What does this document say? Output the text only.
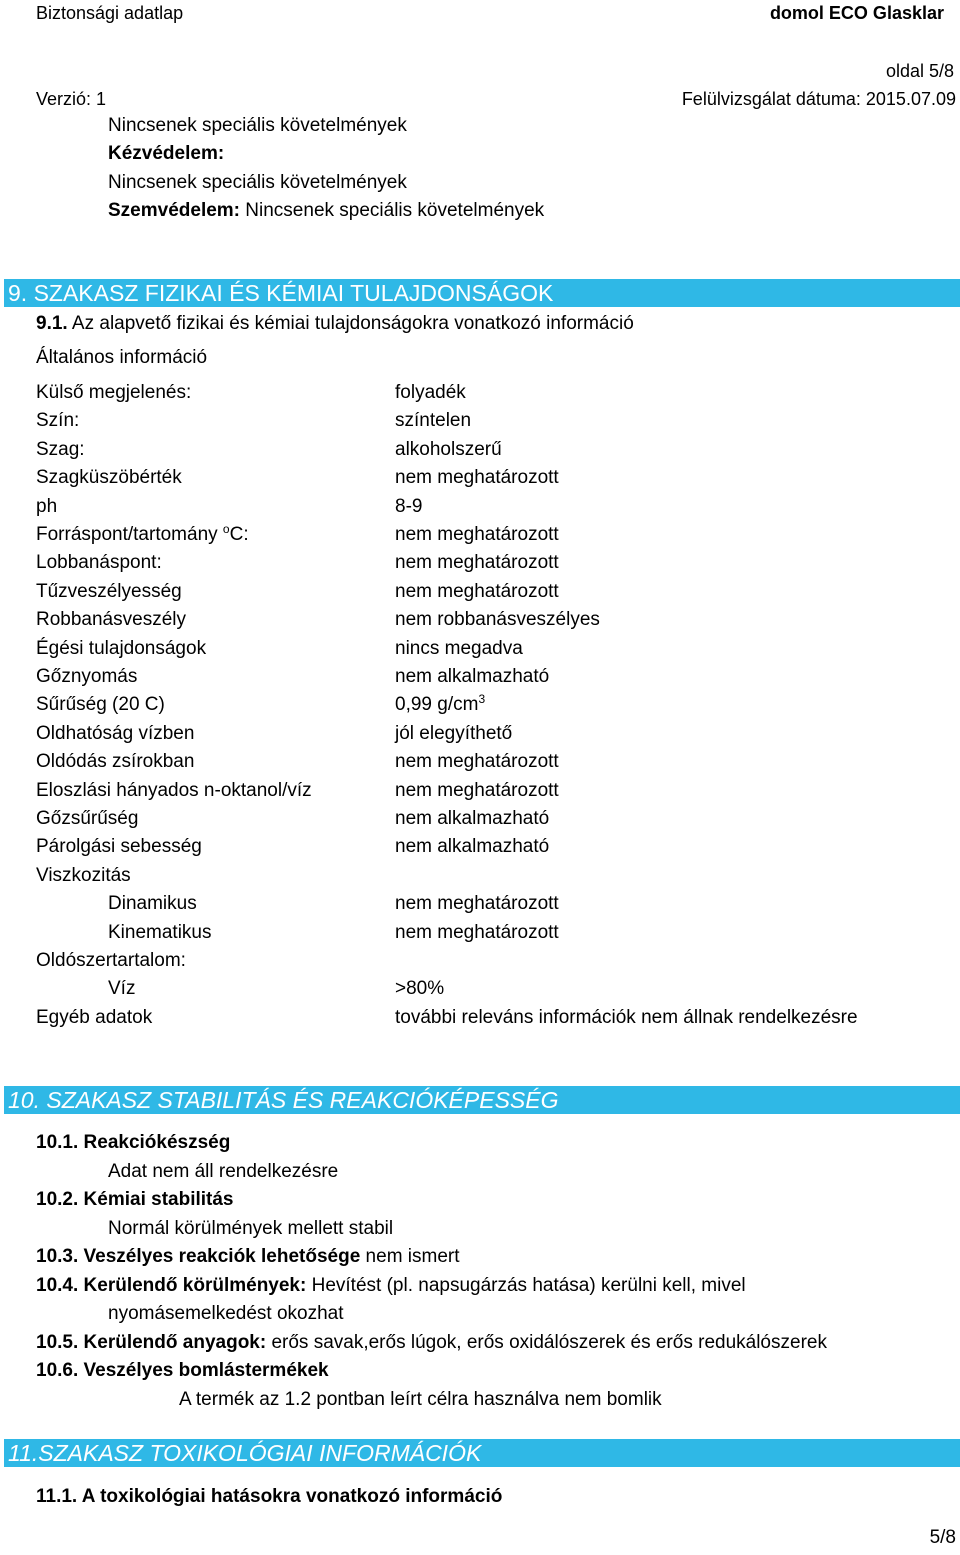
Biztonsági adatlap	domol ECO Glasklar
oldal 5/8
Verzió: 1	Felülvizsgálat dátuma: 2015.07.09
Nincsenek speciális követelmények
Kézvédelem:
Nincsenek speciális követelmények
Szemvédelem: Nincsenek speciális követelmények
9. SZAKASZ FIZIKAI ÉS KÉMIAI TULAJDONSÁGOK
9.1. Az alapvető fizikai és kémiai tulajdonságokra vonatkozó információ
Általános információ
Külső megjelenés:	folyadék
Szín:	színtelen
Szag:	alkoholszerű
Szagküszöbérték	nem meghatározott
ph	8-9
Forráspont/tartomány $^o$C:	nem meghatározott
Lobbanáspont:	nem meghatározott
Tűzveszélyesség	nem meghatározott
Robbanásveszély	nem robbanásveszélyes
Égési tulajdonságok	nincs megadva
Gőznyomás	nem alkalmazható
Sűrűség (20 C)	0,99 $g/cm^3$
Oldhatóság vízben	jól elegyíthető
Oldódás zsírokban	nem meghatározott
Eloszlási hányados n-oktanol/víz	nem meghatározott
Gőzsűrűség	nem alkalmazható
Párolgási sebesség	nem alkalmazható
Viszkozitás
Dinamikus	nem meghatározott
Kinematikus	nem meghatározott
Oldószertartalom:
Víz	>80%
Egyéb adatok	további releváns információk nem állnak rendelkezésre
10. SZAKASZ STABILITÁS ÉS REAKCIÓKÉPESSÉG
10.1. Reakciókészség
Adat nem áll rendelkezésre
10.2. Kémiai stabilitás
Normál körülmények mellett stabil
10.3. Veszélyes reakciók lehetősége nem ismert
10.4. Kerülendő körülmények: Hevítést (pl. napsugárzás hatása) kerülni kell, mivel
nyomásemelkedést okozhat
10.5. Kerülendő anyagok: erős savak,erős lúgok, erős oxidálószerek és erős redukálószerek
10.6. Veszélyes bomlástermékek
A termék az 1.2 pontban leírt célra használva nem bomlik
11.SZAKASZ TOXIKOLÓGIAI INFORMÁCIÓK
11.1. A toxikológiai hatásokra vonatkozó információ
5/8
